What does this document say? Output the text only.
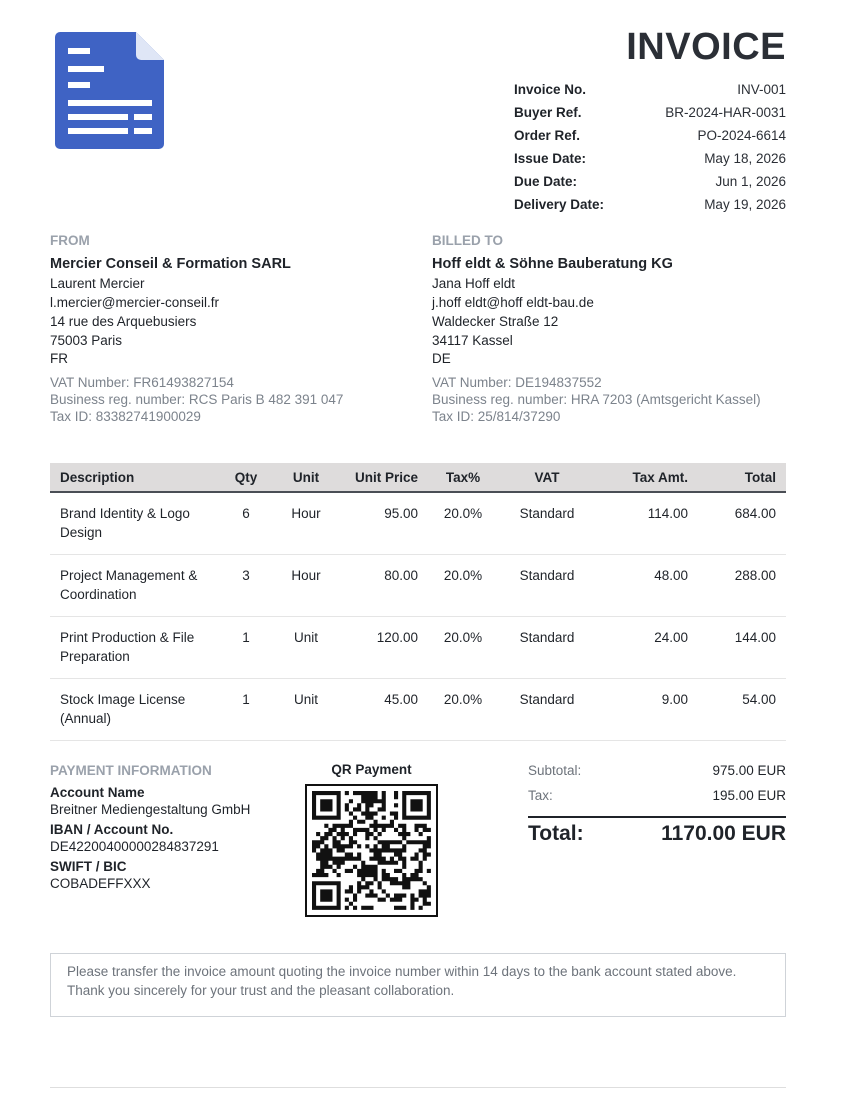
INVOICE
Invoice No.	INV-001
Buyer Ref.	BR-2024-HAR-0031
Order Ref.	PO-2024-6614
Issue Date:	May 18, 2026
Due Date:	Jun 1, 2026
Delivery Date:	May 19, 2026
FROM
Mercier Conseil & Formation SARL
Laurent Mercier
l.mercier@mercier-conseil.fr
14 rue des Arquebusiers
75003 Paris
FR
VAT Number: FR61493827154
Business reg. number: RCS Paris B 482 391 047
Tax ID: 83382741900029
BILLED TO
Hoff eldt & Söhne Bauberatung KG
Jana Hoff eldt
j.hoff eldt@hoff eldt-bau.de
Waldecker Straße 12
34117 Kassel
DE
VAT Number: DE194837552
Business reg. number: HRA 7203 (Amtsgericht Kassel)
Tax ID: 25/814/37290
Description	Qty	Unit	Unit Price	Tax%	VAT	Tax Amt.	Total
Brand Identity & Logo Design	6	Hour	95.00	20.0%	Standard	114.00	684.00
Project Management & Coordination	3	Hour	80.00	20.0%	Standard	48.00	288.00
Print Production & File Preparation	1	Unit	120.00	20.0%	Standard	24.00	144.00
Stock Image License (Annual)	1	Unit	45.00	20.0%	Standard	9.00	54.00
PAYMENT INFORMATION
Account Name
Breitner Mediengestaltung GmbH
IBAN / Account No.
DE42200400000284837291
SWIFT / BIC
COBADEFFXXX
QR Payment	Subtotal:	975.00 EUR
Tax:	195.00 EUR
Total:	1170.00 EUR
Please transfer the invoice amount quoting the invoice number within 14 days to the bank account stated above. Thank you sincerely for your trust and the pleasant collaboration.
